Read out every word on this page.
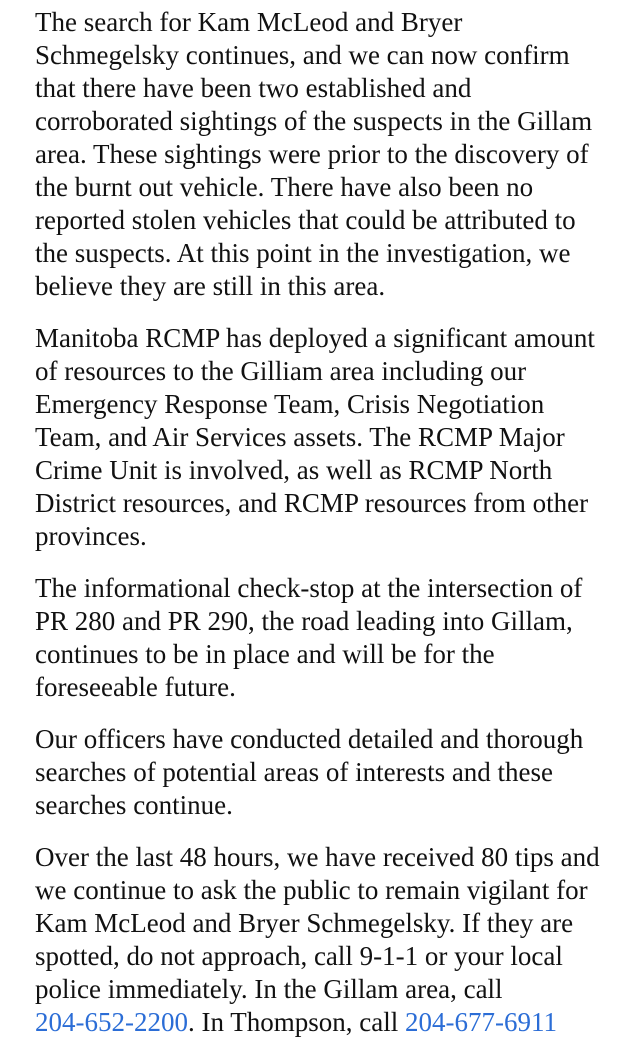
The search for Kam McLeod and Bryer
Schmegelsky continues, and we can now confirm
that there have been two established and
corroborated sightings of the suspects in the Gillam
area. These sightings were prior to the discovery of
the burnt out vehicle. There have also been no
reported stolen vehicles that could be attributed to
the suspects. At this point in the investigation, we
believe they are still in this area.

Manitoba RCMP has deployed a significant amount
of resources to the Gilliam area including our
Emergency Response Team, Crisis Negotiation
Team, and Air Services assets. The RCMP Major
Crime Unit is involved, as well as RCMP North
District resources, and RCMP resources from other
provinces.

The informational check-stop at the intersection of
PR 280 and PR 290, the road leading into Gillam,
continues to be in place and will be for the
foreseeable future.

Our officers have conducted detailed and thorough
searches of potential areas of interests and these
searches continue.

Over the last 48 hours, we have received 80 tips and
we continue to ask the public to remain vigilant for
Kam McLeod and Bryer Schmegelsky. If they are
spotted, do not approach, call 9-1-1 or your local
police immediately. In the Gillam area, call
204-652-2200. In Thompson, call 204-677-6911
